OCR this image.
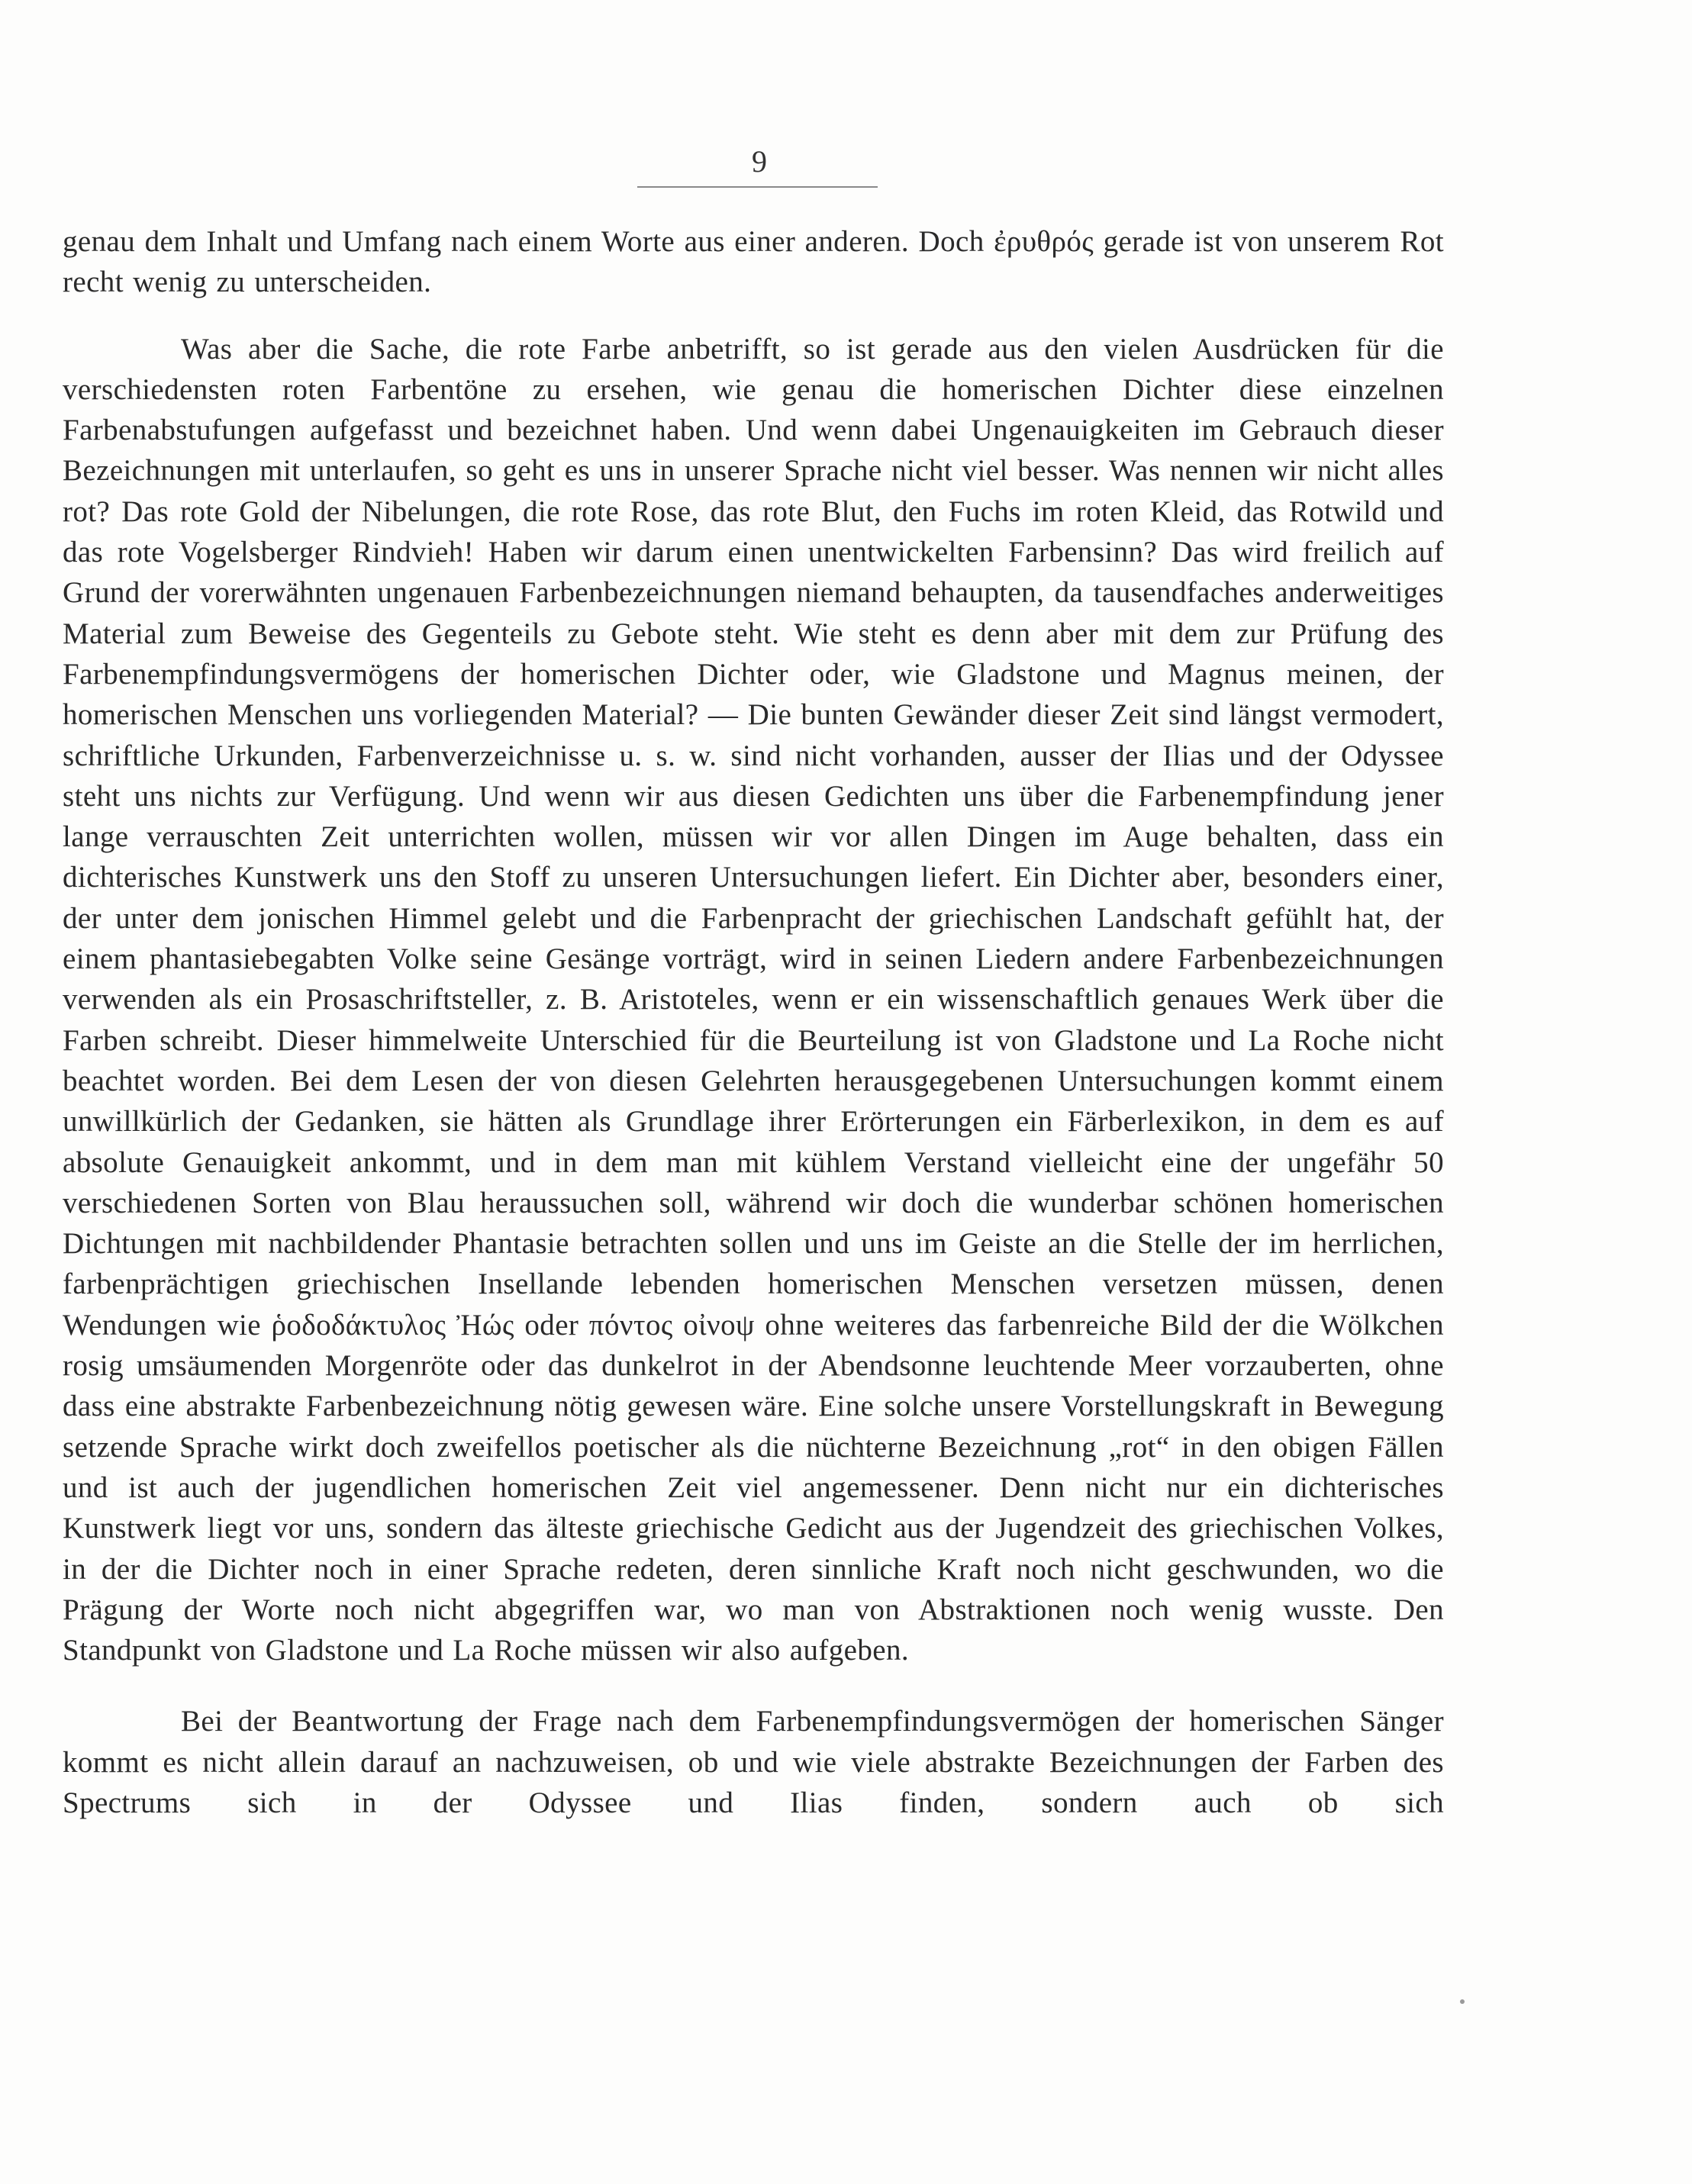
9

genau dem Inhalt und Umfang nach einem Worte aus einer anderen. Doch ἐρυθρός gerade ist von unserem Rot recht wenig zu unterscheiden.

Was aber die Sache, die rote Farbe anbetrifft, so ist gerade aus den vielen Ausdrücken für die verschiedensten roten Farbentöne zu ersehen, wie genau die homerischen Dichter diese einzelnen Farbenabstufungen aufgefasst und bezeichnet haben. Und wenn dabei Ungenauigkeiten im Gebrauch dieser Bezeichnungen mit unterlaufen, so geht es uns in unserer Sprache nicht viel besser. Was nennen wir nicht alles rot? Das rote Gold der Nibelungen, die rote Rose, das rote Blut, den Fuchs im roten Kleid, das Rotwild und das rote Vogelsberger Rindvieh! Haben wir darum einen unentwickelten Farbensinn? Das wird freilich auf Grund der vorerwähnten ungenauen Farbenbezeichnungen niemand behaupten, da tausendfaches anderweitiges Material zum Beweise des Gegenteils zu Gebote steht. Wie steht es denn aber mit dem zur Prüfung des Farbenempfindungsvermögens der homerischen Dichter oder, wie Gladstone und Magnus meinen, der homerischen Menschen uns vorliegenden Material? — Die bunten Gewänder dieser Zeit sind längst vermodert, schriftliche Urkunden, Farbenverzeichnisse u. s. w. sind nicht vorhanden, ausser der Ilias und der Odyssee steht uns nichts zur Verfügung. Und wenn wir aus diesen Gedichten uns über die Farbenempfindung jener lange verrauschten Zeit unterrichten wollen, müssen wir vor allen Dingen im Auge behalten, dass ein dichterisches Kunstwerk uns den Stoff zu unseren Untersuchungen liefert. Ein Dichter aber, besonders einer, der unter dem jonischen Himmel gelebt und die Farbenpracht der griechischen Landschaft gefühlt hat, der einem phantasiebegabten Volke seine Gesänge vorträgt, wird in seinen Liedern andere Farbenbezeichnungen verwenden als ein Prosaschriftsteller, z. B. Aristoteles, wenn er ein wissenschaftlich genaues Werk über die Farben schreibt. Dieser himmelweite Unterschied für die Beurteilung ist von Gladstone und La Roche nicht beachtet worden. Bei dem Lesen der von diesen Gelehrten herausgegebenen Untersuchungen kommt einem unwillkürlich der Gedanken, sie hätten als Grundlage ihrer Erörterungen ein Färberlexikon, in dem es auf absolute Genauigkeit ankommt, und in dem man mit kühlem Verstand vielleicht eine der ungefähr 50 verschiedenen Sorten von Blau heraussuchen soll, während wir doch die wunderbar schönen homerischen Dichtungen mit nachbildender Phantasie betrachten sollen und uns im Geiste an die Stelle der im herrlichen, farbenprächtigen griechischen Insellande lebenden homerischen Menschen versetzen müssen, denen Wendungen wie ῥοδοδάκτυλος Ἠώς oder πόντος οἰνοψ ohne weiteres das farbenreiche Bild der die Wölkchen rosig umsäumenden Morgenröte oder das dunkelrot in der Abendsonne leuchtende Meer vorzauberten, ohne dass eine abstrakte Farbenbezeichnung nötig gewesen wäre. Eine solche unsere Vorstellungskraft in Bewegung setzende Sprache wirkt doch zweifellos poetischer als die nüchterne Bezeichnung „rot“ in den obigen Fällen und ist auch der jugendlichen homerischen Zeit viel angemessener. Denn nicht nur ein dichterisches Kunstwerk liegt vor uns, sondern das älteste griechische Gedicht aus der Jugendzeit des griechischen Volkes, in der die Dichter noch in einer Sprache redeten, deren sinnliche Kraft noch nicht geschwunden, wo die Prägung der Worte noch nicht abgegriffen war, wo man von Abstraktionen noch wenig wusste. Den Standpunkt von Gladstone und La Roche müssen wir also aufgeben.

Bei der Beantwortung der Frage nach dem Farbenempfindungsvermögen der homerischen Sänger kommt es nicht allein darauf an nachzuweisen, ob und wie viele abstrakte Bezeichnungen der Farben des Spectrums sich in der Odyssee und Ilias finden, sondern auch ob sich
